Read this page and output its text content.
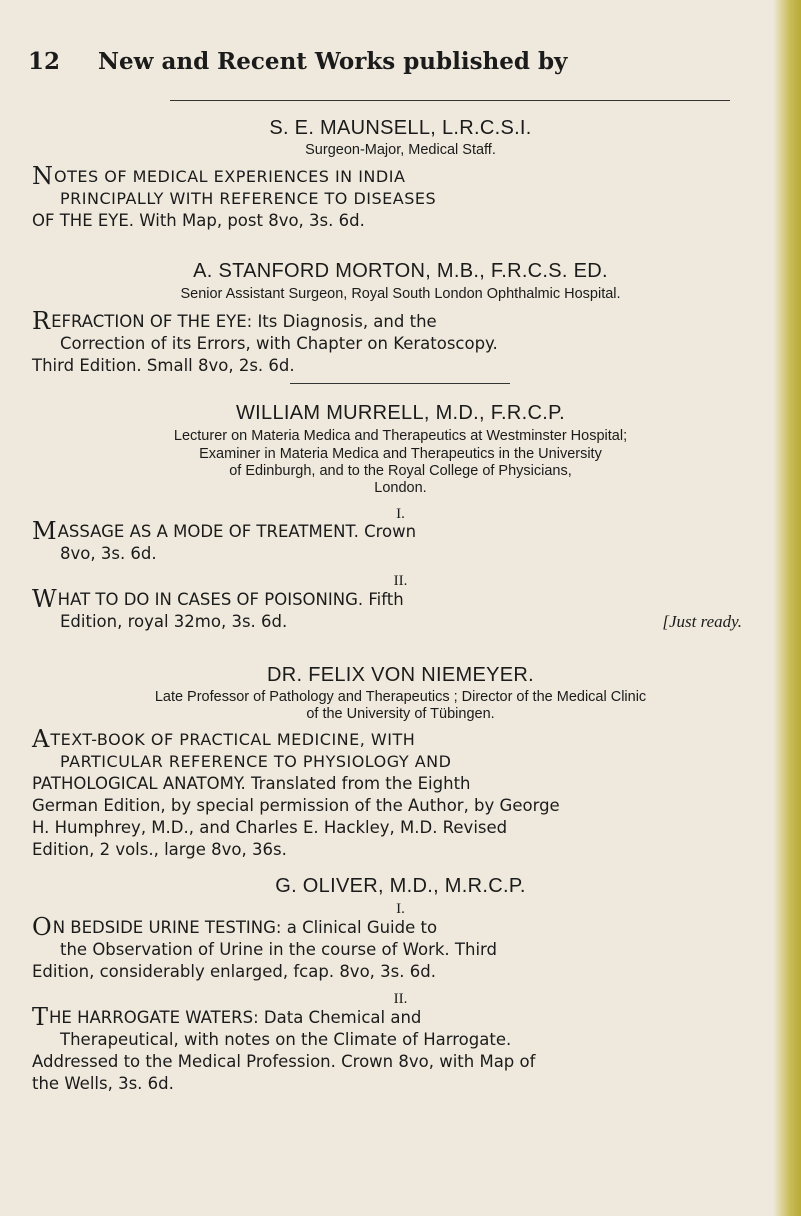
12 New and Recent Works published by
S. E. MAUNSELL, L.R.C.S.I.
Surgeon-Major, Medical Staff.
NOTES OF MEDICAL EXPERIENCES IN INDIA
PRINCIPALLY WITH REFERENCE TO DISEASES
OF THE EYE. With Map, post 8vo, 3s. 6d.
A. STANFORD MORTON, M.B., F.R.C.S. ED.
Senior Assistant Surgeon, Royal South London Ophthalmic Hospital.
REFRACTION OF THE EYE: Its Diagnosis, and the
Correction of its Errors, with Chapter on Keratoscopy.
Third Edition. Small 8vo, 2s. 6d.
WILLIAM MURRELL, M.D., F.R.C.P.
Lecturer on Materia Medica and Therapeutics at Westminster Hospital;
Examiner in Materia Medica and Therapeutics in the University
of Edinburgh, and to the Royal College of Physicians,
London.
I.
MASSAGE AS A MODE OF TREATMENT. Crown
8vo, 3s. 6d.
II.
WHAT TO DO IN CASES OF POISONING. Fifth
Edition, royal 32mo, 3s. 6d.	[Just ready.
DR. FELIX VON NIEMEYER.
Late Professor of Pathology and Therapeutics ; Director of the Medical Clinic
of the University of Tübingen.
ATEXT-BOOK OF PRACTICAL MEDICINE, WITH
PARTICULAR REFERENCE TO PHYSIOLOGY AND
PATHOLOGICAL ANATOMY. Translated from the Eighth
German Edition, by special permission of the Author, by George
H. Humphrey, M.D., and Charles E. Hackley, M.D. Revised
Edition, 2 vols., large 8vo, 36s.
G. OLIVER, M.D., M.R.C.P.
I.
ON BEDSIDE URINE TESTING: a Clinical Guide to
the Observation of Urine in the course of Work. Third
Edition, considerably enlarged, fcap. 8vo, 3s. 6d.
II.
THE HARROGATE WATERS: Data Chemical and
Therapeutical, with notes on the Climate of Harrogate.
Addressed to the Medical Profession. Crown 8vo, with Map of
the Wells, 3s. 6d.
